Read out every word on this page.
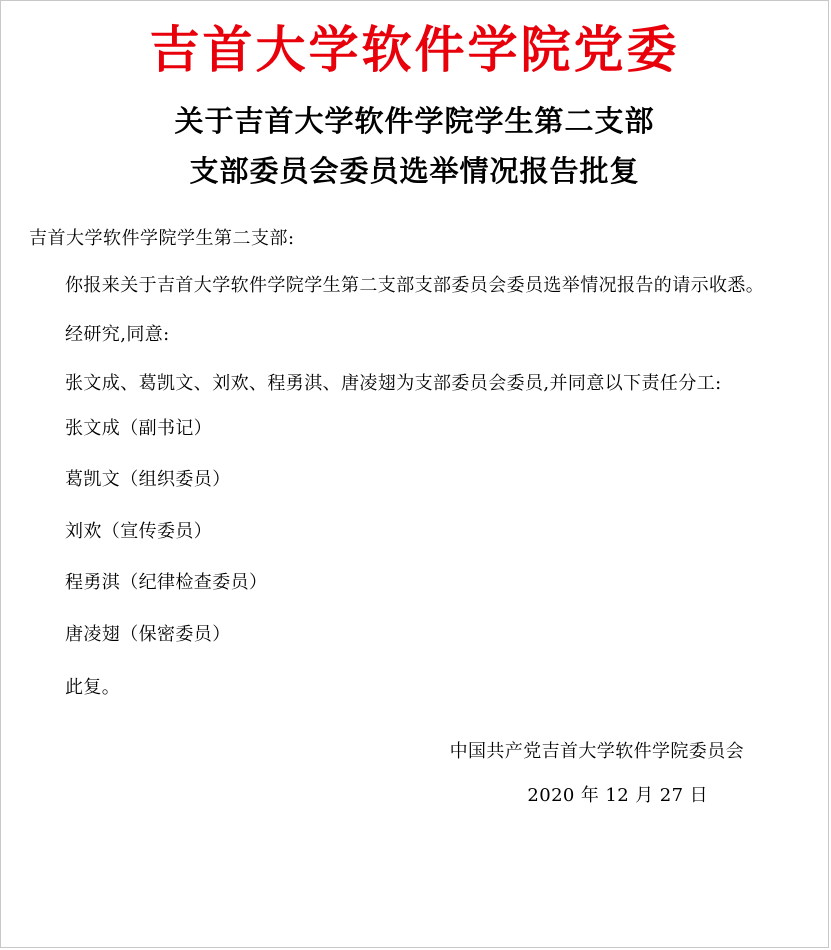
吉首大学软件学院党委
关于吉首大学软件学院学生第二支部
支部委员会委员选举情况报告批复
吉首大学软件学院学生第二支部:

你报来关于吉首大学软件学院学生第二支部支部委员会委员选举情况报告的请示收悉。

经研究,同意:

张文成、葛凯文、刘欢、程勇淇、唐凌翅为支部委员会委员,并同意以下责任分工:

张文成（副书记）
葛凯文（组织委员）
刘欢（宣传委员）
程勇淇（纪律检查委员）
唐凌翅（保密委员）
此复。
中国共产党吉首大学软件学院委员会
2020 年 12 月 27 日
